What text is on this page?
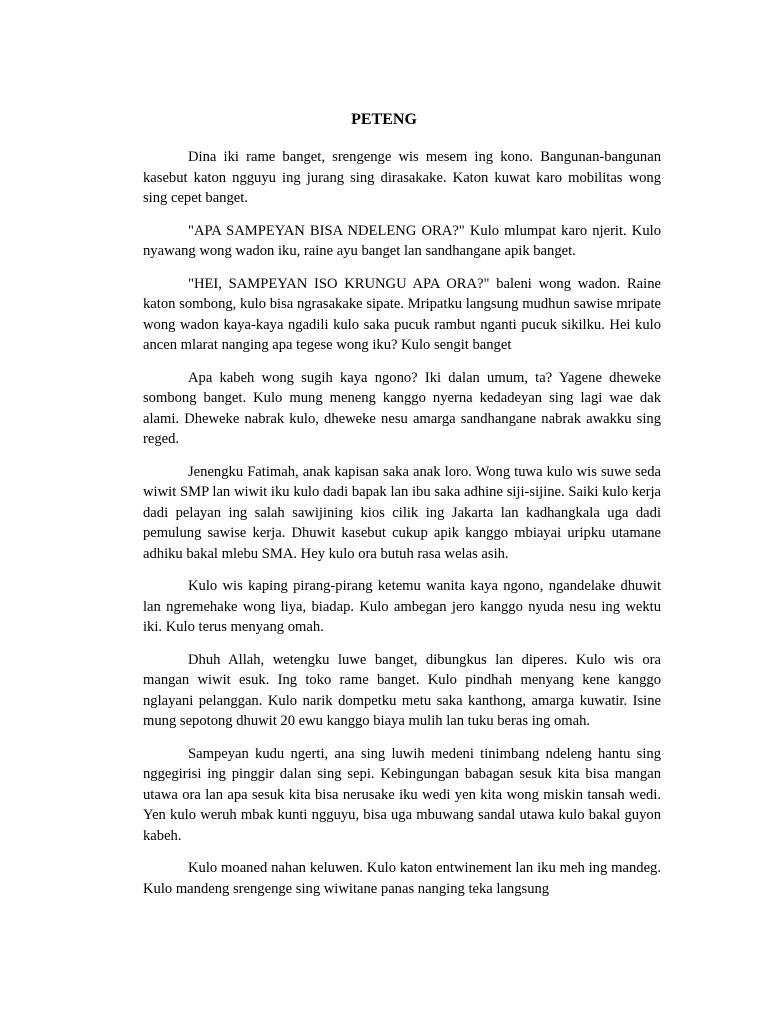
PETENG

Dina iki rame banget, srengenge wis mesem ing kono. Bangunan-bangunan kasebut katon ngguyu ing jurang sing dirasakake. Katon kuwat karo mobilitas wong sing cepet banget.

"APA SAMPEYAN BISA NDELENG ORA?" Kulo mlumpat karo njerit. Kulo nyawang wong wadon iku, raine ayu banget lan sandhangane apik banget.

"HEI, SAMPEYAN ISO KRUNGU APA ORA?" baleni wong wadon. Raine katon sombong, kulo bisa ngrasakake sipate. Mripatku langsung mudhun sawise mripate wong wadon kaya-kaya ngadili kulo saka pucuk rambut nganti pucuk sikilku. Hei kulo ancen mlarat nanging apa tegese wong iku? Kulo sengit banget

Apa kabeh wong sugih kaya ngono? Iki dalan umum, ta? Yagene dheweke sombong banget. Kulo mung meneng kanggo nyerna kedadeyan sing lagi wae dak alami. Dheweke nabrak kulo, dheweke nesu amarga sandhangane nabrak awakku sing reged.

Jenengku Fatimah, anak kapisan saka anak loro. Wong tuwa kulo wis suwe seda wiwit SMP lan wiwit iku kulo dadi bapak lan ibu saka adhine siji-sijine. Saiki kulo kerja dadi pelayan ing salah sawijining kios cilik ing Jakarta lan kadhangkala uga dadi pemulung sawise kerja. Dhuwit kasebut cukup apik kanggo mbiayai uripku utamane adhiku bakal mlebu SMA. Hey kulo ora butuh rasa welas asih.

Kulo wis kaping pirang-pirang ketemu wanita kaya ngono, ngandelake dhuwit lan ngremehake wong liya, biadap. Kulo ambegan jero kanggo nyuda nesu ing wektu iki. Kulo terus menyang omah.

Dhuh Allah, wetengku luwe banget, dibungkus lan diperes. Kulo wis ora mangan wiwit esuk. Ing toko rame banget. Kulo pindhah menyang kene kanggo nglayani pelanggan. Kulo narik dompetku metu saka kanthong, amarga kuwatir. Isine mung sepotong dhuwit 20 ewu kanggo biaya mulih lan tuku beras ing omah.

Sampeyan kudu ngerti, ana sing luwih medeni tinimbang ndeleng hantu sing nggegirisi ing pinggir dalan sing sepi. Kebingungan babagan sesuk kita bisa mangan utawa ora lan apa sesuk kita bisa nerusake iku wedi yen kita wong miskin tansah wedi. Yen kulo weruh mbak kunti ngguyu, bisa uga mbuwang sandal utawa kulo bakal guyon kabeh.

Kulo moaned nahan keluwen. Kulo katon entwinement lan iku meh ing mandeg. Kulo mandeng srengenge sing wiwitane panas nanging teka langsung
